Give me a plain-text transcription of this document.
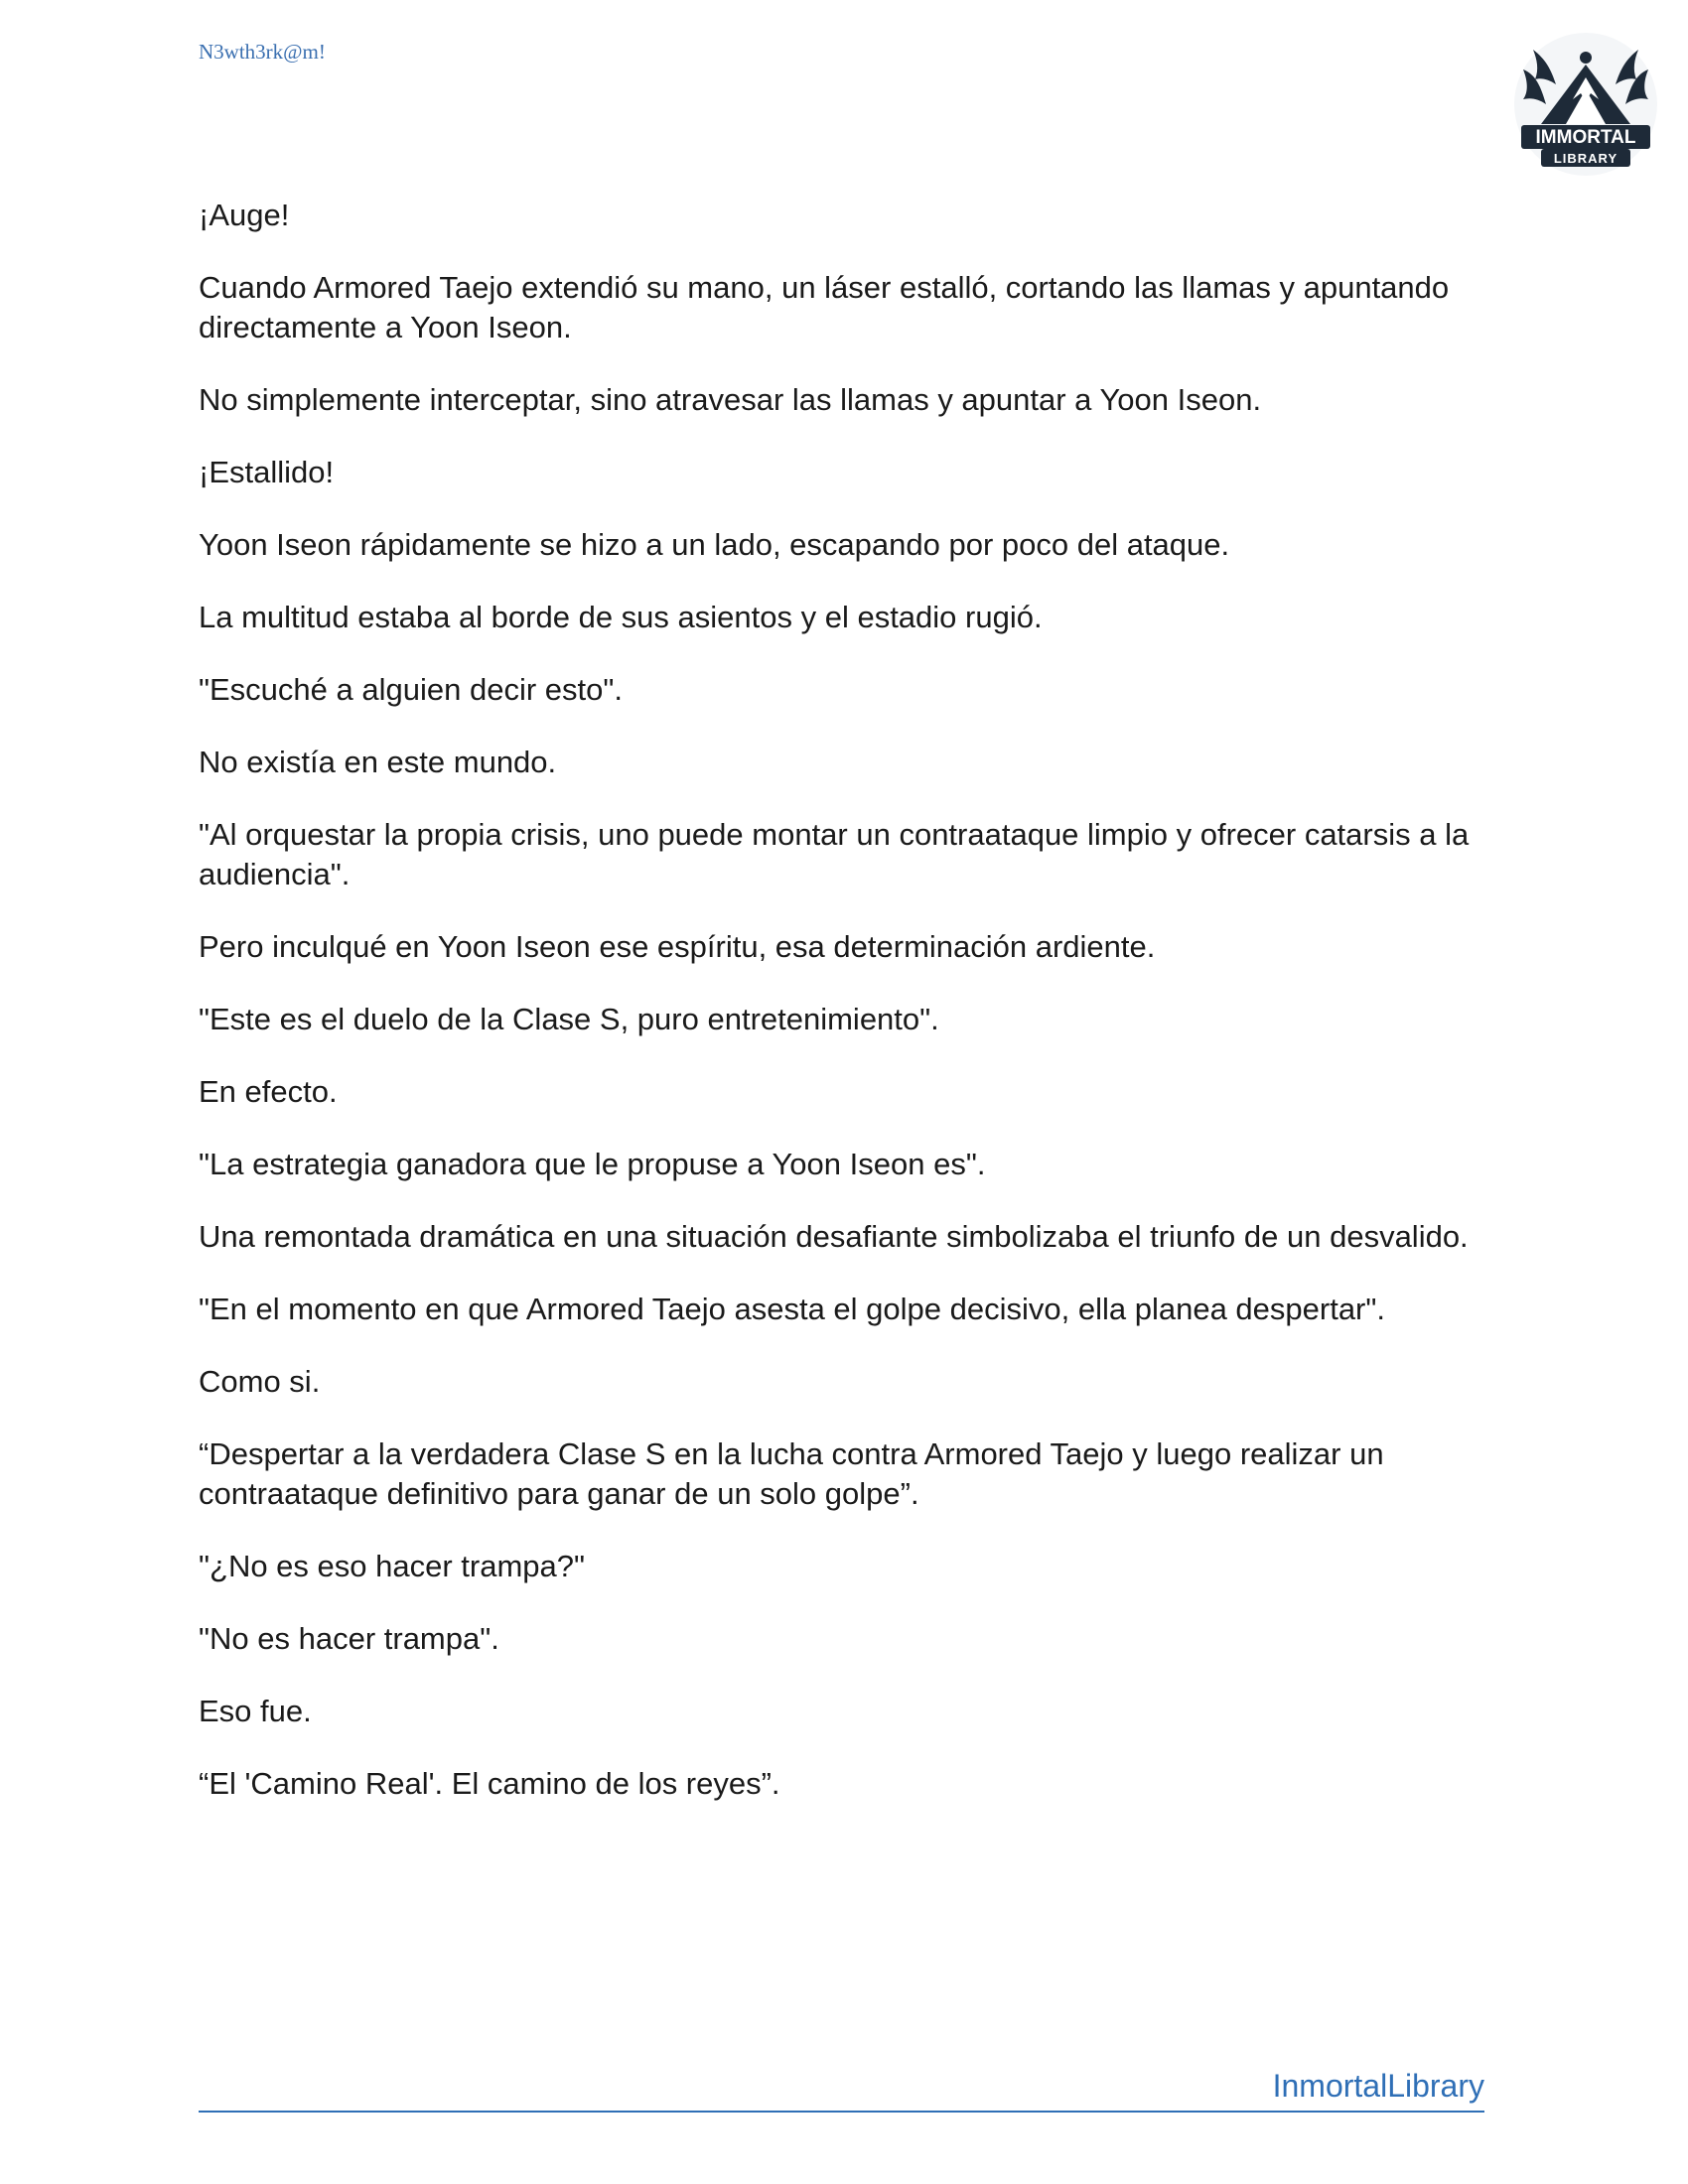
N3wth3rk@m!
IMMORTAL
LIBRARY

¡Auge!

Cuando Armored Taejo extendió su mano, un láser estalló, cortando las llamas y apuntando directamente a Yoon Iseon.

No simplemente interceptar, sino atravesar las llamas y apuntar a Yoon Iseon.

¡Estallido!

Yoon Iseon rápidamente se hizo a un lado, escapando por poco del ataque.

La multitud estaba al borde de sus asientos y el estadio rugió.

"Escuché a alguien decir esto".

No existía en este mundo.

"Al orquestar la propia crisis, uno puede montar un contraataque limpio y ofrecer catarsis a la audiencia".

Pero inculqué en Yoon Iseon ese espíritu, esa determinación ardiente.

"Este es el duelo de la Clase S, puro entretenimiento".

En efecto.

"La estrategia ganadora que le propuse a Yoon Iseon es".

Una remontada dramática en una situación desafiante simbolizaba el triunfo de un desvalido.

"En el momento en que Armored Taejo asesta el golpe decisivo, ella planea despertar".

Como si.

“Despertar a la verdadera Clase S en la lucha contra Armored Taejo y luego realizar un contraataque definitivo para ganar de un solo golpe”.

"¿No es eso hacer trampa?"

"No es hacer trampa".

Eso fue.

“El 'Camino Real'. El camino de los reyes”.

InmortalLibrary
